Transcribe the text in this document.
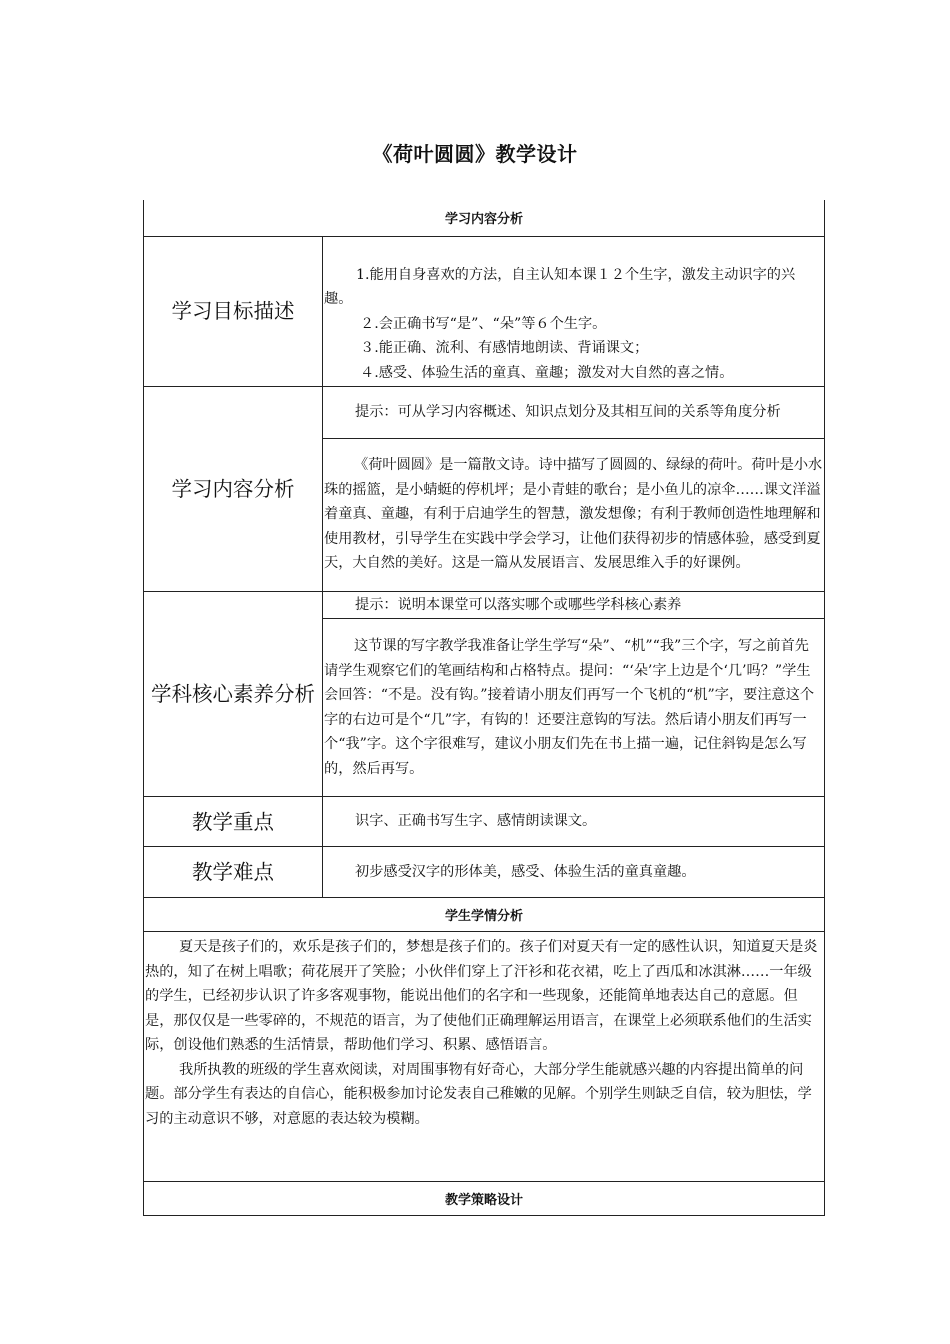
《荷叶圆圆》教学设计
学习内容分析	
学习目标描述	1.能用自身喜欢的方法，自主认知本课１２个生字，激发主动识字的兴趣。

２.会正确书写“是”、“朵”等６个生字。

３.能正确、流利、有感情地朗读、背诵课文；

４.感受、体验生活的童真、童趣；激发对大自然的喜之情。

学习内容分析	提示：可从学习内容概述、知识点划分及其相互间的关系等角度分析

	《荷叶圆圆》是一篇散文诗。诗中描写了圆圆的、绿绿的荷叶。荷叶是小水珠的摇篮，是小蜻蜓的停机坪；是小青蛙的歌台；是小鱼儿的凉伞……课文洋溢着童真、童趣，有利于启迪学生的智慧，激发想像；有利于教师创造性地理解和使用教材，引导学生在实践中学会学习，让他们获得初步的情感体验，感受到夏天，大自然的美好。这是一篇从发展语言、发展思维入手的好课例。

学科核心素养分析	提示：说明本课堂可以落实哪个或哪些学科核心素养

	这节课的写字教学我准备让学生学写“朵”、“机”“我”三个字，写之前首先请学生观察它们的笔画结构和占格特点。提问：“‘朵’字上边是个‘几’吗？”学生会回答：“不是。没有钩。”接着请小朋友们再写一个飞机的“机”字，要注意这个字的右边可是个“几”字，有钩的！还要注意钩的写法。然后请小朋友们再写一个“我”字。这个字很难写，建议小朋友们先在书上描一遍，记住斜钩是怎么写的，然后再写。

教学重点	识字、正确书写生字、感情朗读课文。
教学难点	初步感受汉字的形体美，感受、体验生活的童真童趣。
学生学情分析	

夏天是孩子们的，欢乐是孩子们的，梦想是孩子们的。孩子们对夏天有一定的感性认识，知道夏天是炎热的，知了在树上唱歌；荷花展开了笑脸；小伙伴们穿上了汗衫和花衣裙，吃上了西瓜和冰淇淋……一年级的学生，已经初步认识了许多客观事物，能说出他们的名字和一些现象，还能简单地表达自己的意愿。但是，那仅仅是一些零碎的，不规范的语言，为了使他们正确理解运用语言，在课堂上必须联系他们的生活实际，创设他们熟悉的生活情景，帮助他们学习、积累、感悟语言。

我所执教的班级的学生喜欢阅读，对周围事物有好奇心，大部分学生能就感兴趣的内容提出简单的问题。部分学生有表达的自信心，能积极参加讨论发表自己稚嫩的见解。个别学生则缺乏自信，较为胆怯，学习的主动意识不够，对意愿的表达较为模糊。	

教学策略设计	
